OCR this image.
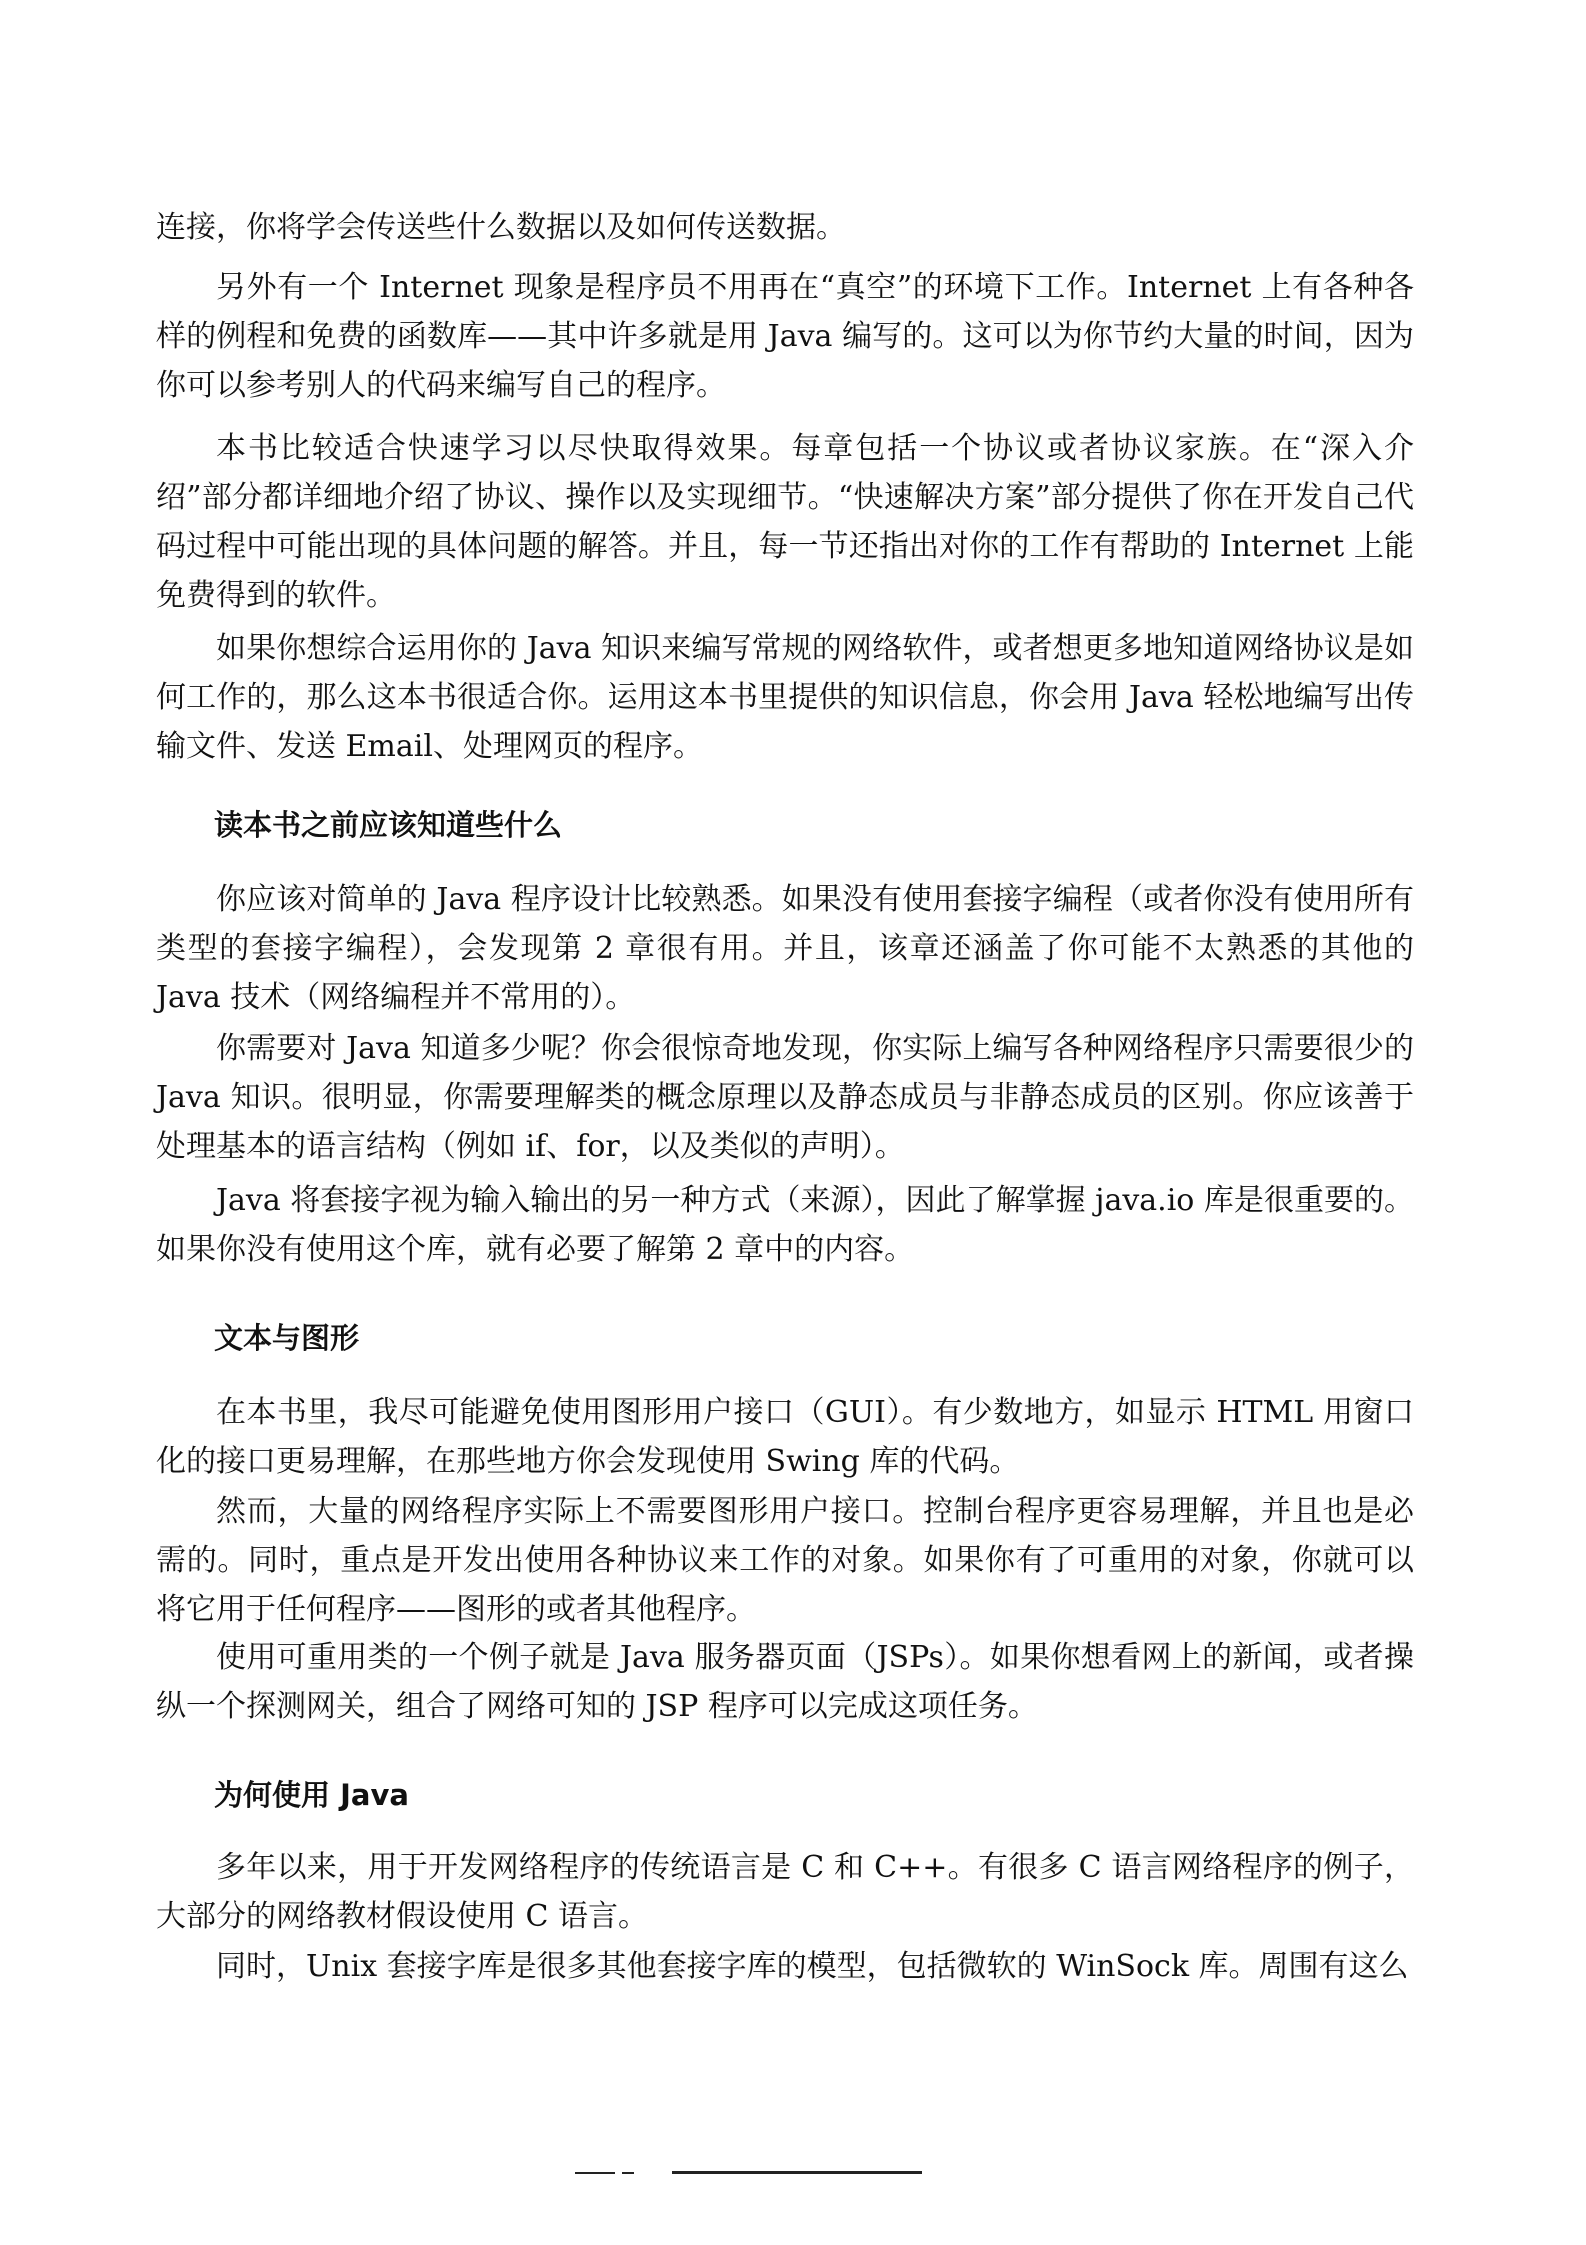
连接，你将学会传送些什么数据以及如何传送数据。

另外有一个 Internet 现象是程序员不用再在“真空”的环境下工作。Internet 上有各种各样的例程和免费的函数库——其中许多就是用 Java 编写的。这可以为你节约大量的时间，因为你可以参考别人的代码来编写自己的程序。

本书比较适合快速学习以尽快取得效果。每章包括一个协议或者协议家族。在“深入介绍”部分都详细地介绍了协议、操作以及实现细节。“快速解决方案”部分提供了你在开发自己代码过程中可能出现的具体问题的解答。并且，每一节还指出对你的工作有帮助的 Internet 上能免费得到的软件。

如果你想综合运用你的 Java 知识来编写常规的网络软件，或者想更多地知道网络协议是如何工作的，那么这本书很适合你。运用这本书里提供的知识信息，你会用 Java 轻松地编写出传输文件、发送 Email、处理网页的程序。

读本书之前应该知道些什么

你应该对简单的 Java 程序设计比较熟悉。如果没有使用套接字编程（或者你没有使用所有类型的套接字编程），会发现第 2 章很有用。并且，该章还涵盖了你可能不太熟悉的其他的 Java 技术（网络编程并不常用的）。

你需要对 Java 知道多少呢？你会很惊奇地发现，你实际上编写各种网络程序只需要很少的 Java 知识。很明显，你需要理解类的概念原理以及静态成员与非静态成员的区别。你应该善于处理基本的语言结构（例如 if、for，以及类似的声明）。

Java 将套接字视为输入输出的另一种方式（来源），因此了解掌握 java.io 库是很重要的。如果你没有使用这个库，就有必要了解第 2 章中的内容。

文本与图形

在本书里，我尽可能避免使用图形用户接口（GUI）。有少数地方，如显示 HTML 用窗口化的接口更易理解，在那些地方你会发现使用 Swing 库的代码。

然而，大量的网络程序实际上不需要图形用户接口。控制台程序更容易理解，并且也是必需的。同时，重点是开发出使用各种协议来工作的对象。如果你有了可重用的对象，你就可以将它用于任何程序——图形的或者其他程序。

使用可重用类的一个例子就是 Java 服务器页面（JSPs）。如果你想看网上的新闻，或者操纵一个探测网关，组合了网络可知的 JSP 程序可以完成这项任务。

为何使用 Java

多年以来，用于开发网络程序的传统语言是 C 和 C++。有很多 C 语言网络程序的例子，大部分的网络教材假设使用 C 语言。

同时，Unix 套接字库是很多其他套接字库的模型，包括微软的 WinSock 库。周围有这么
